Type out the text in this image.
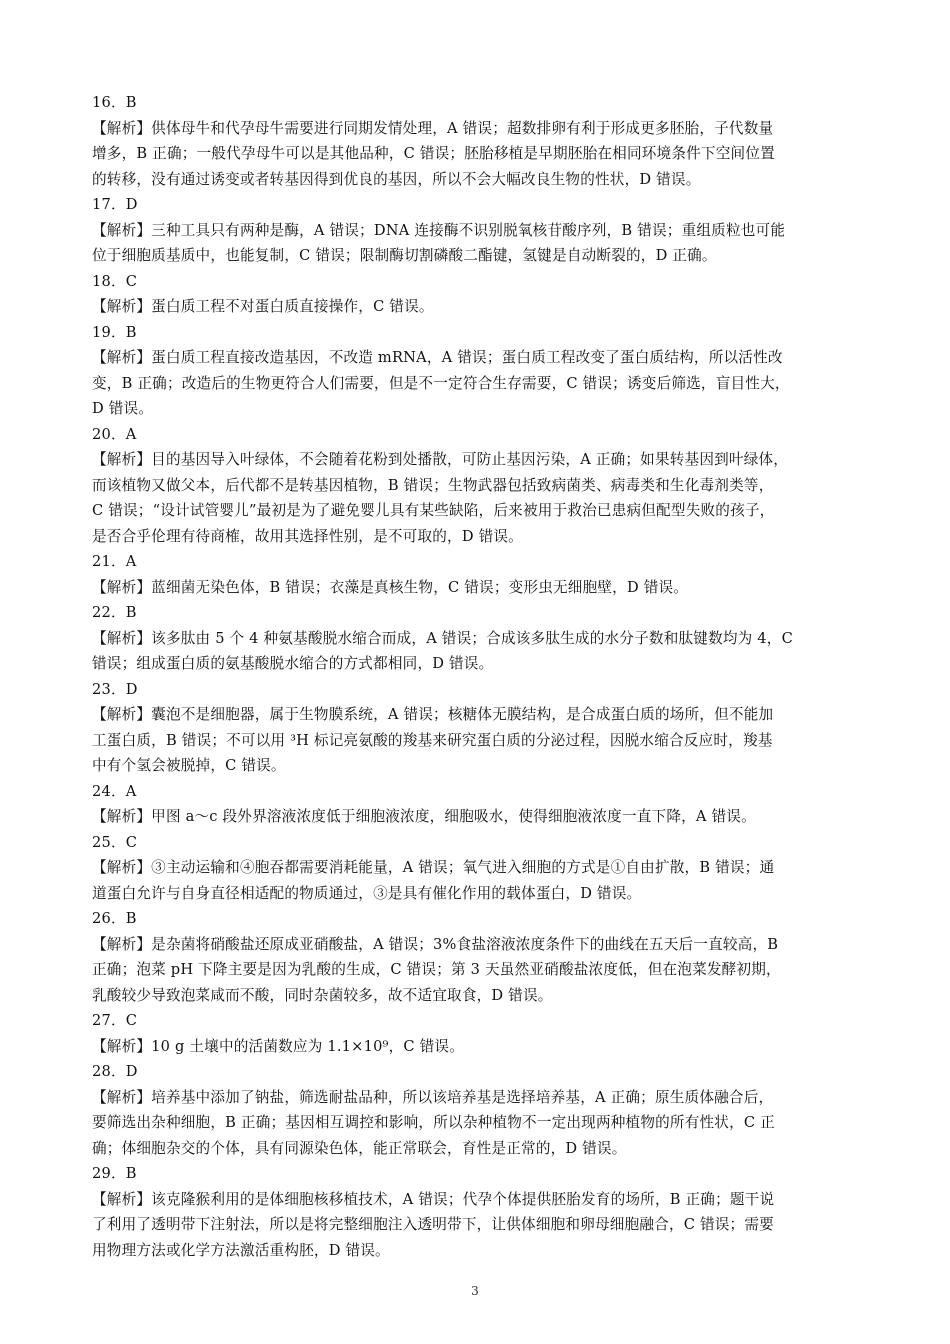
16．B
【解析】供体母牛和代孕母牛需要进行同期发情处理，A 错误；超数排卵有利于形成更多胚胎，子代数量
增多，B 正确；一般代孕母牛可以是其他品种，C 错误；胚胎移植是早期胚胎在相同环境条件下空间位置
的转移，没有通过诱变或者转基因得到优良的基因，所以不会大幅改良生物的性状，D 错误。
17．D
【解析】三种工具只有两种是酶，A 错误；DNA 连接酶不识别脱氧核苷酸序列，B 错误；重组质粒也可能
位于细胞质基质中，也能复制，C 错误；限制酶切割磷酸二酯键，氢键是自动断裂的，D 正确。
18．C
【解析】蛋白质工程不对蛋白质直接操作，C 错误。
19．B
【解析】蛋白质工程直接改造基因，不改造 mRNA，A 错误；蛋白质工程改变了蛋白质结构，所以活性改
变，B 正确；改造后的生物更符合人们需要，但是不一定符合生存需要，C 错误；诱变后筛选，盲目性大，
D 错误。
20．A
【解析】目的基因导入叶绿体，不会随着花粉到处播散，可防止基因污染，A 正确；如果转基因到叶绿体，
而该植物又做父本，后代都不是转基因植物，B 错误；生物武器包括致病菌类、病毒类和生化毒剂类等，
C 错误；“设计试管婴儿”最初是为了避免婴儿具有某些缺陷，后来被用于救治已患病但配型失败的孩子，
是否合乎伦理有待商榷，故用其选择性别，是不可取的，D 错误。
21．A
【解析】蓝细菌无染色体，B 错误；衣藻是真核生物，C 错误；变形虫无细胞壁，D 错误。
22．B
【解析】该多肽由 5 个 4 种氨基酸脱水缩合而成，A 错误；合成该多肽生成的水分子数和肽键数均为 4，C
错误；组成蛋白质的氨基酸脱水缩合的方式都相同，D 错误。
23．D
【解析】囊泡不是细胞器，属于生物膜系统，A 错误；核糖体无膜结构，是合成蛋白质的场所，但不能加
工蛋白质，B 错误；不可以用 ³H 标记亮氨酸的羧基来研究蛋白质的分泌过程，因脱水缩合反应时，羧基
中有个氢会被脱掉，C 错误。
24．A
【解析】甲图 a～c 段外界溶液浓度低于细胞液浓度，细胞吸水，使得细胞液浓度一直下降，A 错误。
25．C
【解析】③主动运输和④胞吞都需要消耗能量，A 错误；氧气进入细胞的方式是①自由扩散，B 错误；通
道蛋白允许与自身直径相适配的物质通过，③是具有催化作用的载体蛋白，D 错误。
26．B
【解析】是杂菌将硝酸盐还原成亚硝酸盐，A 错误；3%食盐溶液浓度条件下的曲线在五天后一直较高，B
正确；泡菜 pH 下降主要是因为乳酸的生成，C 错误；第 3 天虽然亚硝酸盐浓度低，但在泡菜发酵初期，
乳酸较少导致泡菜咸而不酸，同时杂菌较多，故不适宜取食，D 错误。
27．C
【解析】10 g 土壤中的活菌数应为 1.1×10⁹，C 错误。
28．D
【解析】培养基中添加了钠盐，筛选耐盐品种，所以该培养基是选择培养基，A 正确；原生质体融合后，
要筛选出杂种细胞，B 正确；基因相互调控和影响，所以杂种植物不一定出现两种植物的所有性状，C 正
确；体细胞杂交的个体，具有同源染色体，能正常联会，育性是正常的，D 错误。
29．B
【解析】该克隆猴利用的是体细胞核移植技术，A 错误；代孕个体提供胚胎发育的场所，B 正确；题干说
了利用了透明带下注射法，所以是将完整细胞注入透明带下，让供体细胞和卵母细胞融合，C 错误；需要
用物理方法或化学方法激活重构胚，D 错误。
3
